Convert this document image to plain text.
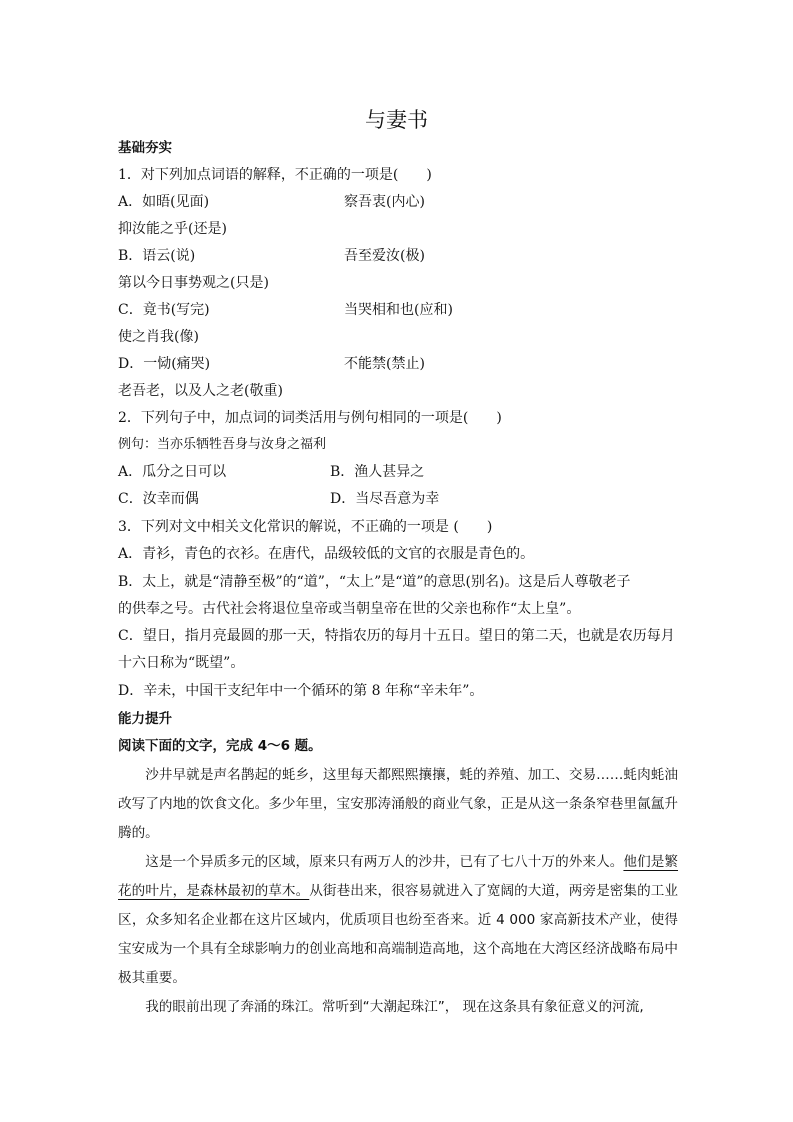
与妻书
基础夯实
1．对下列加点词语的解释，不正确的一项是(　　)
A．如晤(见面)	察吾衷(内心)
抑汝能之乎(还是)
B．语云(说)	吾至爱汝(极)
第以今日事势观之(只是)
C．竟书(写完)	当哭相和也(应和)
使之肖我(像)
D．一恸(痛哭)	不能禁(禁止)
老吾老，以及人之老(敬重)
2．下列句子中，加点词的词类活用与例句相同的一项是(　　)
例句：当亦乐牺牲吾身与汝身之福利
A．瓜分之日可以	B．渔人甚异之
C．汝幸而偶	D．当尽吾意为幸
3．下列对文中相关文化常识的解说，不正确的一项是 (　　)
A．青衫，青色的衣衫。在唐代，品级较低的文官的衣服是青色的。
B．太上，就是“清静至极”的“道”，“太上”是“道”的意思(别名)。这是后人尊敬老子
的供奉之号。古代社会将退位皇帝或当朝皇帝在世的父亲也称作“太上皇”。
C．望日，指月亮最圆的那一天，特指农历的每月十五日。望日的第二天，也就是农历每月
十六日称为“既望”。
D．辛未，中国干支纪年中一个循环的第 8 年称“辛未年”。
能力提升
阅读下面的文字，完成 4～6 题。

沙井早就是声名鹊起的蚝乡，这里每天都熙熙攘攘，蚝的养殖、加工、交易……蚝肉蚝油改写了内地的饮食文化。多少年里，宝安那涛涌般的商业气象，正是从这一条条窄巷里氤氲升腾的。

这是一个异质多元的区域，原来只有两万人的沙井，已有了七八十万的外来人。他们是繁花的叶片，是森林最初的草木。从街巷出来，很容易就进入了宽阔的大道，两旁是密集的工业区，众多知名企业都在这片区域内，优质项目也纷至沓来。近 4 000 家高新技术产业，使得宝安成为一个具有全球影响力的创业高地和高端制造高地，这个高地在大湾区经济战略布局中极其重要。

我的眼前出现了奔涌的珠江。常听到“大潮起珠江”， 现在这条具有象征意义的河流,
